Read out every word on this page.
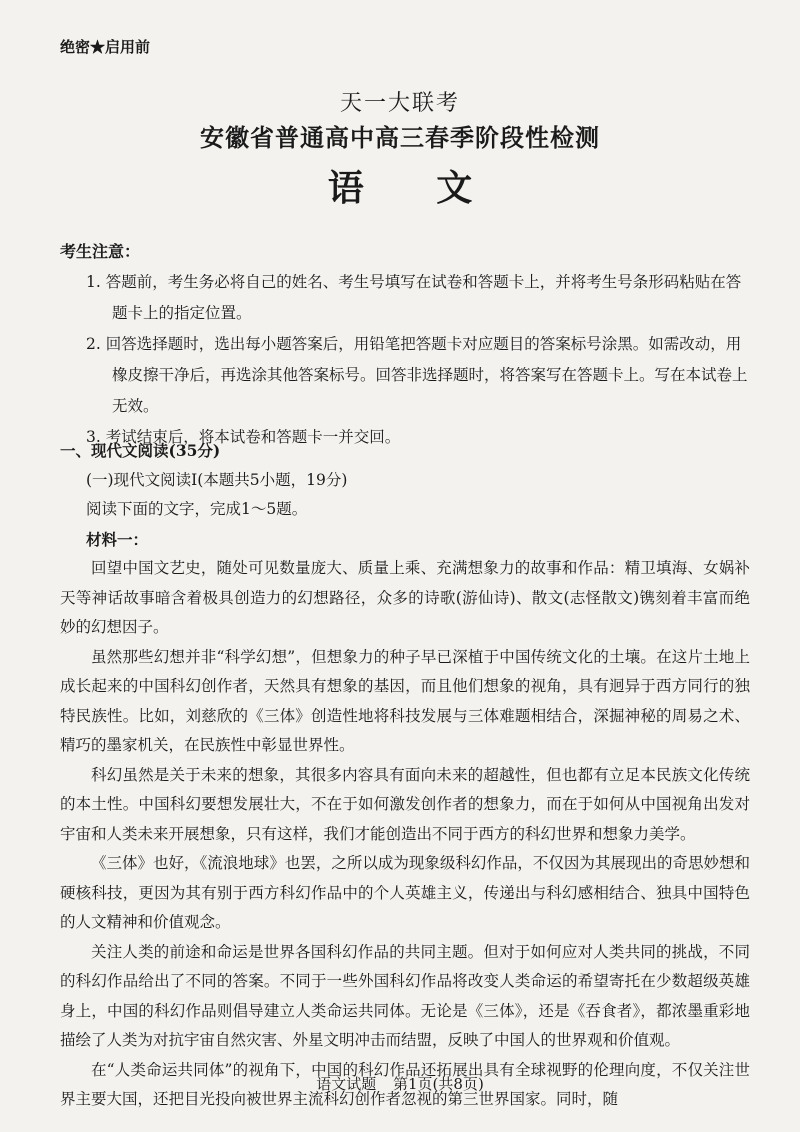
绝密★启用前
天一大联考
安徽省普通高中高三春季阶段性检测
语 文
考生注意：
1. 答题前，考生务必将自己的姓名、考生号填写在试卷和答题卡上，并将考生号条形码粘贴在答题卡上的指定位置。
2. 回答选择题时，选出每小题答案后，用铅笔把答题卡对应题目的答案标号涂黑。如需改动，用橡皮擦干净后，再选涂其他答案标号。回答非选择题时，将答案写在答题卡上。写在本试卷上无效。
3. 考试结束后，将本试卷和答题卡一并交回。
一、现代文阅读(35分)
(一)现代文阅读Ⅰ(本题共5小题，19分)
阅读下面的文字，完成1～5题。
材料一：

回望中国文艺史，随处可见数量庞大、质量上乘、充满想象力的故事和作品：精卫填海、女娲补天等神话故事暗含着极具创造力的幻想路径，众多的诗歌(游仙诗)、散文(志怪散文)镌刻着丰富而绝妙的幻想因子。

虽然那些幻想并非“科学幻想”，但想象力的种子早已深植于中国传统文化的土壤。在这片土地上成长起来的中国科幻创作者，天然具有想象的基因，而且他们想象的视角，具有迥异于西方同行的独特民族性。比如，刘慈欣的《三体》创造性地将科技发展与三体难题相结合，深掘神秘的周易之术、精巧的墨家机关，在民族性中彰显世界性。

科幻虽然是关于未来的想象，其很多内容具有面向未来的超越性，但也都有立足本民族文化传统的本土性。中国科幻要想发展壮大，不在于如何激发创作者的想象力，而在于如何从中国视角出发对宇宙和人类未来开展想象，只有这样，我们才能创造出不同于西方的科幻世界和想象力美学。

《三体》也好，《流浪地球》也罢，之所以成为现象级科幻作品，不仅因为其展现出的奇思妙想和硬核科技，更因为其有别于西方科幻作品中的个人英雄主义，传递出与科幻感相结合、独具中国特色的人文精神和价值观念。

关注人类的前途和命运是世界各国科幻作品的共同主题。但对于如何应对人类共同的挑战，不同的科幻作品给出了不同的答案。不同于一些外国科幻作品将改变人类命运的希望寄托在少数超级英雄身上，中国的科幻作品则倡导建立人类命运共同体。无论是《三体》，还是《吞食者》，都浓墨重彩地描绘了人类为对抗宇宙自然灾害、外星文明冲击而结盟，反映了中国人的世界观和价值观。

在“人类命运共同体”的视角下，中国的科幻作品还拓展出具有全球视野的伦理向度，不仅关注世界主要大国，还把目光投向被世界主流科幻创作者忽视的第三世界国家。同时，随

语文试题 第1页(共8页)
